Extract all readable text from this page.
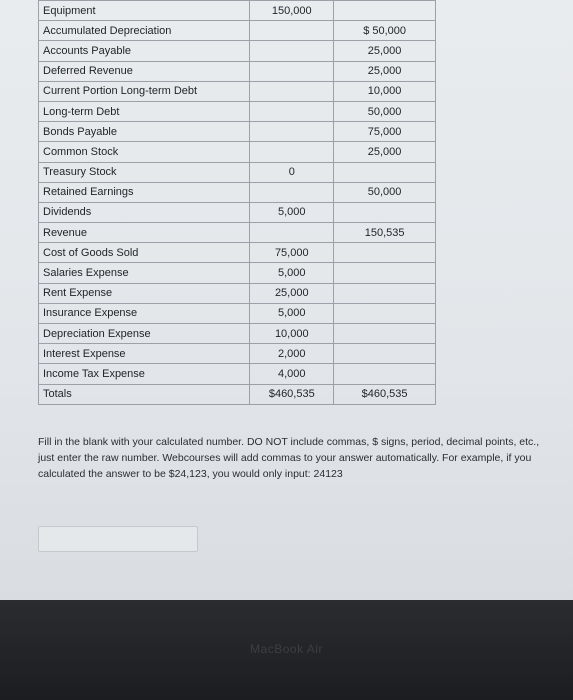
Equipment	150,000	
Accumulated Depreciation		$ 50,000
Accounts Payable		25,000
Deferred Revenue		25,000
Current Portion Long-term Debt		10,000
Long-term Debt		50,000
Bonds Payable		75,000
Common Stock		25,000
Treasury Stock	0	
Retained Earnings		50,000
Dividends	5,000	
Revenue		150,535
Cost of Goods Sold	75,000	
Salaries Expense	5,000	
Rent Expense	25,000	
Insurance Expense	5,000	
Depreciation Expense	10,000	
Interest Expense	2,000	
Income Tax Expense	4,000	
Totals	$460,535	$460,535
Fill in the blank with your calculated number. DO NOT include commas, $ signs, period, decimal points, etc., just enter the raw number. Webcourses will add commas to your answer automatically. For example, if you calculated the answer to be $24,123, you would only input: 24123
MacBook Air
